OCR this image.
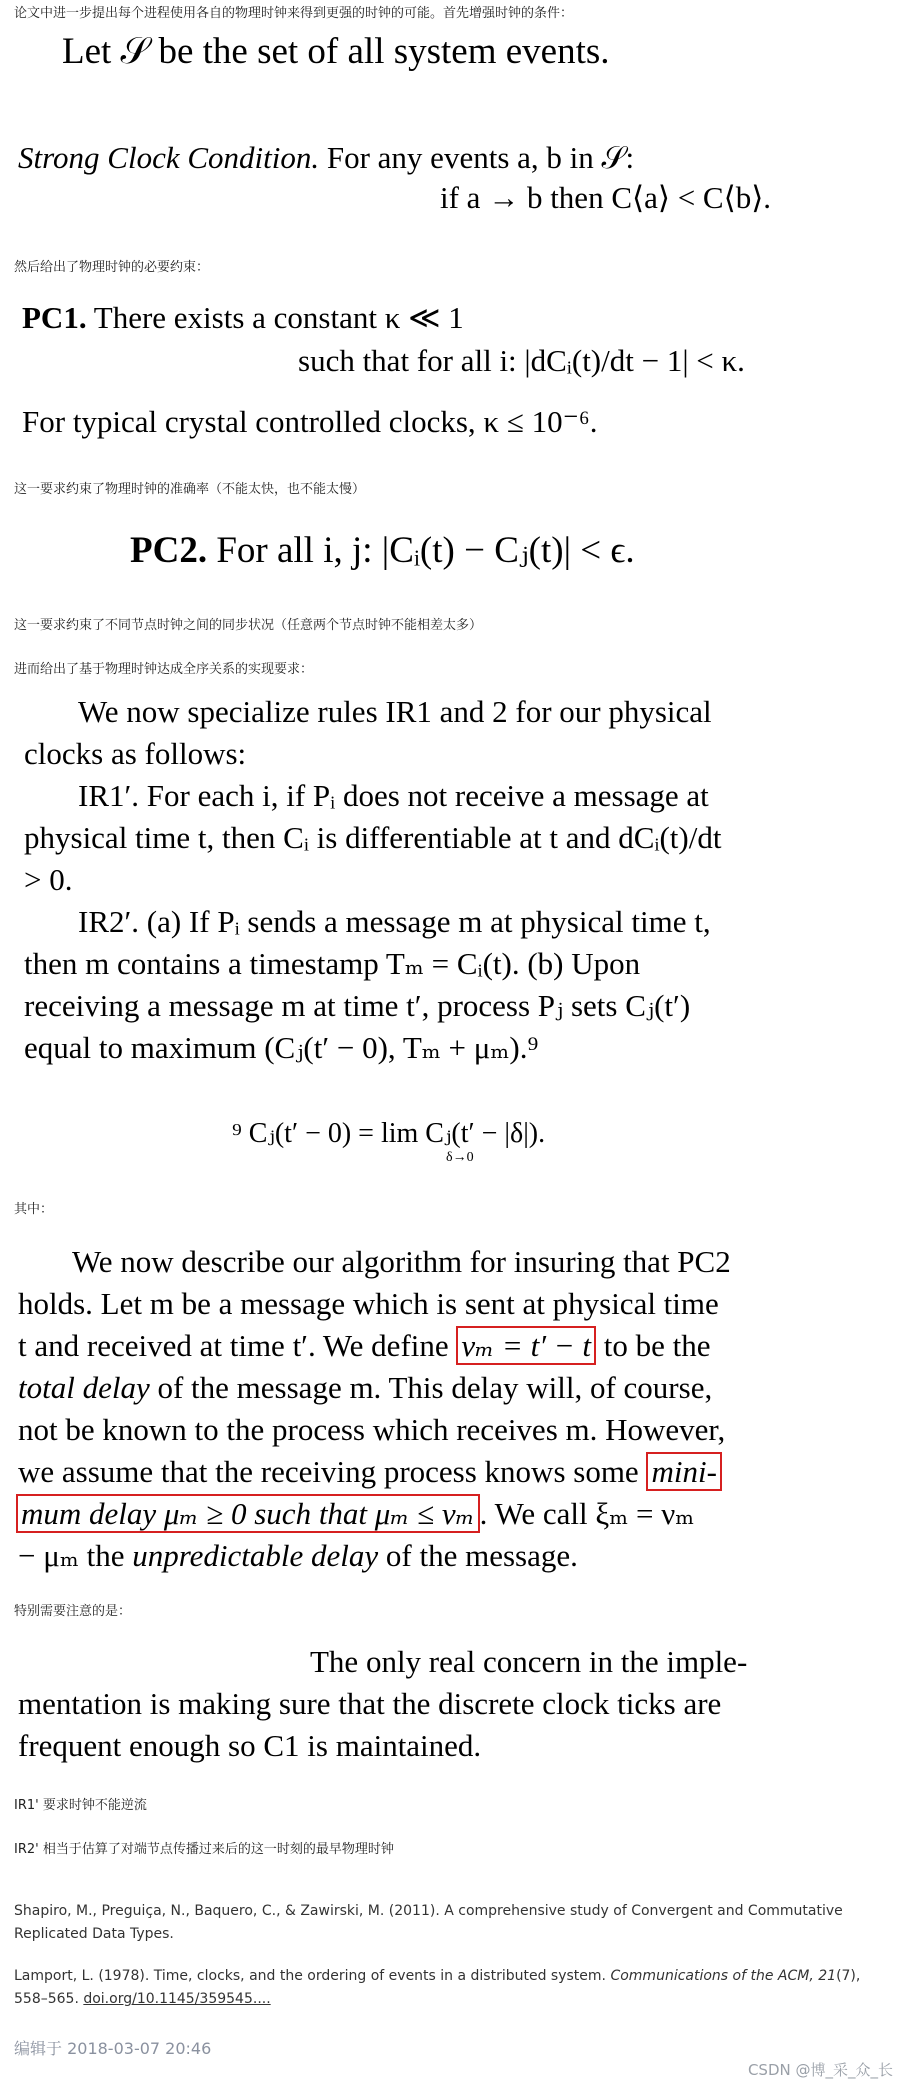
论文中进一步提出每个进程使用各自的物理时钟来得到更强的时钟的可能。首先增强时钟的条件：
Let 𝒮 be the set of all system events.
Strong Clock Condition. For any events a, b in 𝒮:
if a → b then C⟨a⟩ < C⟨b⟩.
然后给出了物理时钟的必要约束：
PC1. There exists a constant κ ≪ 1
such that for all i: |dCᵢ(t)/dt − 1| < κ.
For typical crystal controlled clocks, κ ≤ 10⁻⁶.
这一要求约束了物理时钟的准确率（不能太快，也不能太慢）
PC2. For all i, j: |Cᵢ(t) − Cⱼ(t)| < ϵ.
这一要求约束了不同节点时钟之间的同步状况（任意两个节点时钟不能相差太多）
进而给出了基于物理时钟达成全序关系的实现要求：
We now specialize rules IR1 and 2 for our physical
clocks as follows:
IR1′. For each i, if Pᵢ does not receive a message at
physical time t, then Cᵢ is differentiable at t and dCᵢ(t)/dt
> 0.
IR2′. (a) If Pᵢ sends a message m at physical time t,
then m contains a timestamp Tₘ = Cᵢ(t). (b) Upon
receiving a message m at time t′, process Pⱼ sets Cⱼ(t′)
equal to maximum (Cⱼ(t′ − 0), Tₘ + μₘ).⁹
⁹ Cⱼ(t′ − 0) = lim Cⱼ(t′ − |δ|).
δ→0
其中：
We now describe our algorithm for insuring that PC2
holds. Let m be a message which is sent at physical time
t and received at time t′. We define νₘ = t′ − t to be the
total delay of the message m. This delay will, of course,
not be known to the process which receives m. However,
we assume that the receiving process knows some mini-
mum delay μₘ ≥ 0 such that μₘ ≤ νₘ . We call ξₘ = νₘ
− μₘ the unpredictable delay of the message.
特别需要注意的是：
The only real concern in the imple-
mentation is making sure that the discrete clock ticks are
frequent enough so C1 is maintained.
IR1' 要求时钟不能逆流
IR2' 相当于估算了对端节点传播过来后的这一时刻的最早物理时钟
Shapiro, M., Preguiça, N., Baquero, C., & Zawirski, M. (2011). A comprehensive study of Convergent and Commutative Replicated Data Types.
Lamport, L. (1978). Time, clocks, and the ordering of events in a distributed system. Communications of the ACM, 21(7), 558–565. doi.org/10.1145/359545....
编辑于 2018-03-07 20:46
CSDN @博_采_众_长
